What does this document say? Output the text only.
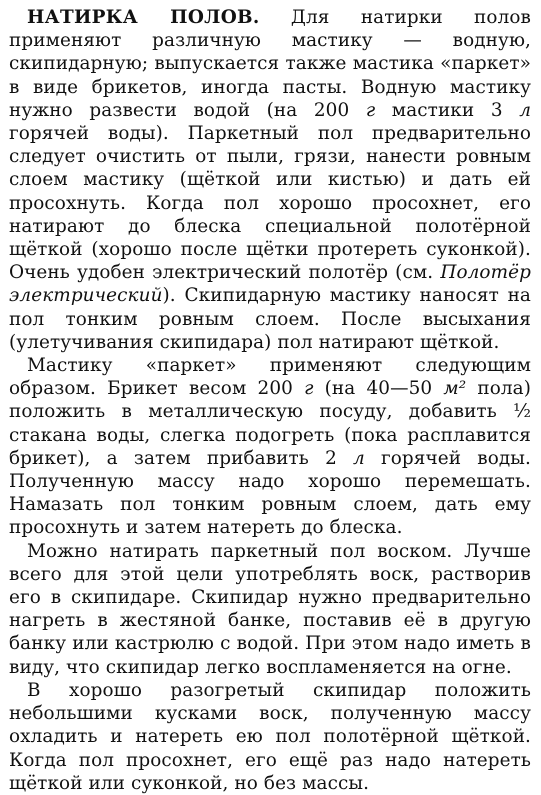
НАТИРКА ПОЛОВ. Для натирки полов применяют различную мастику — водную, скипидарную; выпускается также мастика «паркет» в виде брикетов, иногда пасты. Водную мастику нужно развести водой (на 200 г мастики 3 л горячей воды). Паркетный пол предварительно следует очистить от пыли, грязи, нанести ровным слоем мастику (щёткой или кистью) и дать ей просохнуть. Когда пол хорошо просохнет, его натирают до блеска специальной полотёрной щёткой (хорошо после щётки протереть суконкой). Очень удобен электрический полотёр (см. Полотёр электрический). Скипидарную мастику наносят на пол тонким ровным слоем. После высыхания (улетучивания скипидара) пол натирают щёткой.

Мастику «паркет» применяют следующим образом. Брикет весом 200 г (на 40—50 м² пола) положить в металлическую посуду, добавить ½ стакана воды, слегка подогреть (пока расплавится брикет), а затем прибавить 2 л горячей воды. Полученную массу надо хорошо перемешать. Намазать пол тонким ровным слоем, дать ему просохнуть и затем натереть до блеска.

Можно натирать паркетный пол воском. Лучше всего для этой цели употреблять воск, растворив его в скипидаре. Скипидар нужно предварительно нагреть в жестяной банке, поставив её в другую банку или кастрюлю с водой. При этом надо иметь в виду, что скипидар легко воспламеняется на огне.

В хорошо разогретый скипидар положить небольшими кусками воск, полученную массу охладить и натереть ею пол полотёрной щёткой. Когда пол просохнет, его ещё раз надо натереть щёткой или суконкой, но без массы.
